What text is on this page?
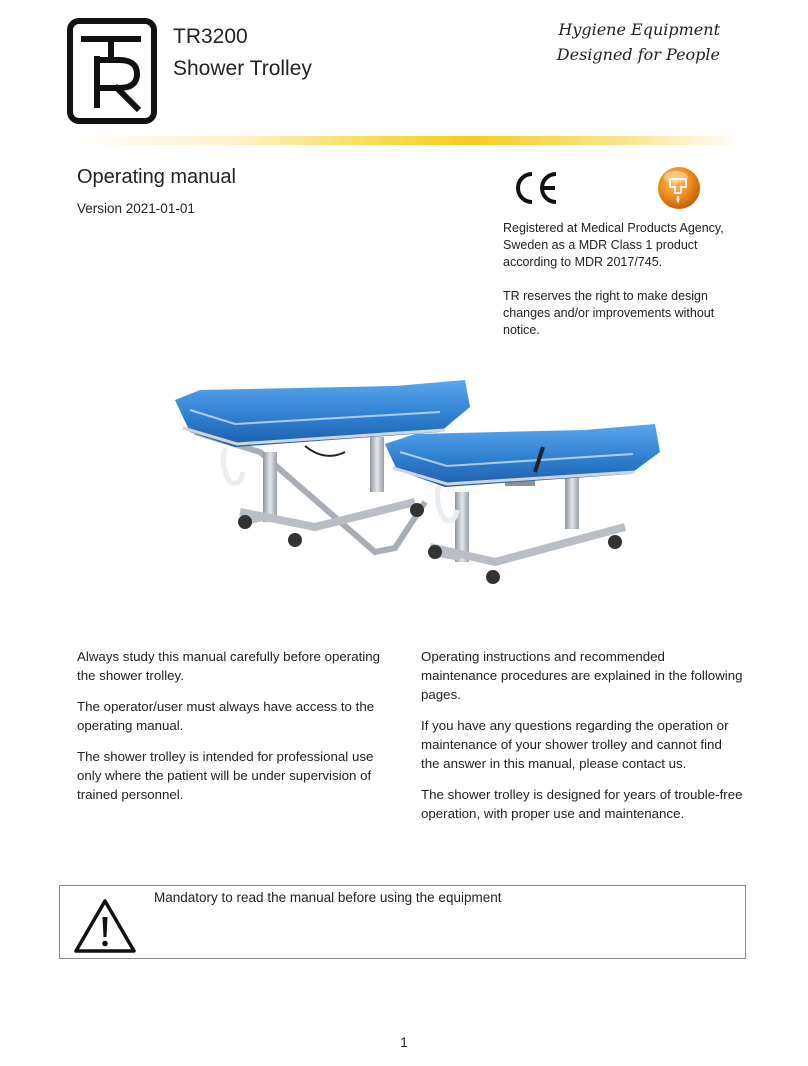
TR3200
Shower Trolley
Hygiene Equipment
Designed for People
Operating manual
Version 2021-01-01
Registered at Medical Products Agency, Sweden as a MDR Class 1 product according to MDR 2017/745.
TR reserves the right to make design changes and/or improvements without notice.

Always study this manual carefully before operating the shower trolley.

The operator/user must always have access to the operating manual.

The shower trolley is intended for professional use only where the patient will be under supervision of trained personnel.

Operating instructions and recommended maintenance procedures are explained in the following pages.

If you have any questions regarding the operation or maintenance of your shower trolley and cannot find the answer in this manual, please contact us.

The shower trolley is designed for years of trouble-free operation, with proper use and maintenance.

Mandatory to read the manual before using the equipment
1
